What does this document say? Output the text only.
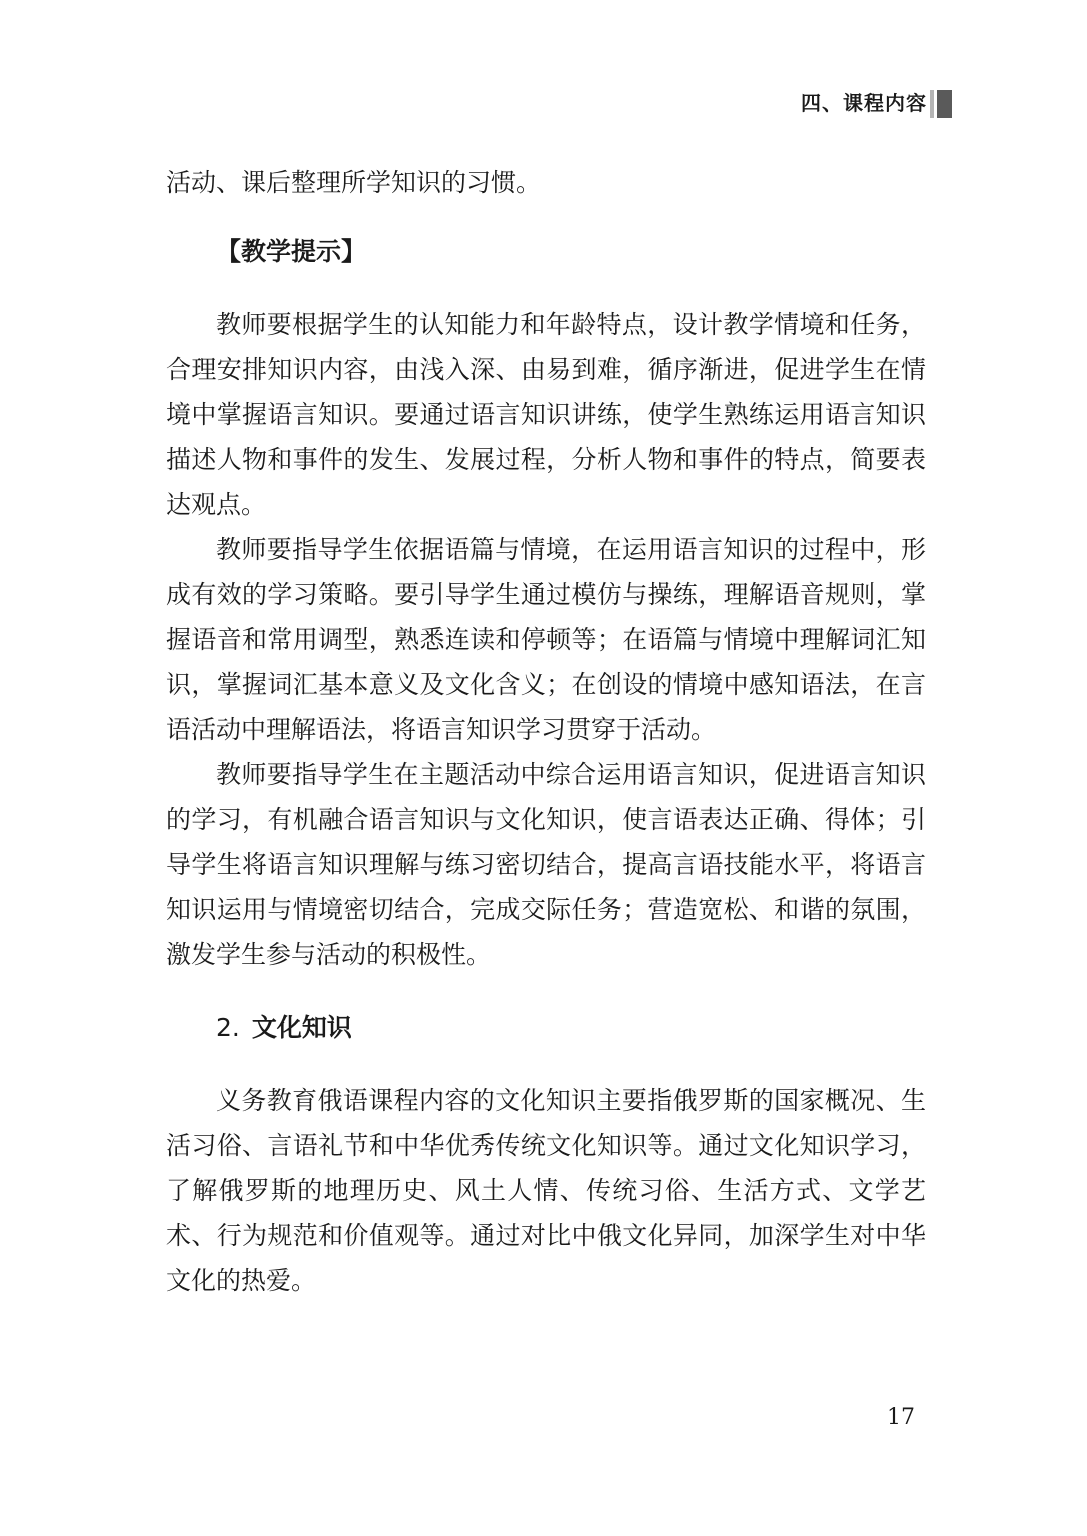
四、课程内容

活动、课后整理所学知识的习惯。

【教学提示】

教师要根据学生的认知能力和年龄特点，设计教学情境和任务，合理安排知识内容，由浅入深、由易到难，循序渐进，促进学生在情境中掌握语言知识。要通过语言知识讲练，使学生熟练运用语言知识描述人物和事件的发生、发展过程，分析人物和事件的特点，简要表达观点。

教师要指导学生依据语篇与情境，在运用语言知识的过程中，形成有效的学习策略。要引导学生通过模仿与操练，理解语音规则，掌握语音和常用调型，熟悉连读和停顿等；在语篇与情境中理解词汇知识，掌握词汇基本意义及文化含义；在创设的情境中感知语法，在言语活动中理解语法，将语言知识学习贯穿于活动。

教师要指导学生在主题活动中综合运用语言知识，促进语言知识的学习，有机融合语言知识与文化知识，使言语表达正确、得体；引导学生将语言知识理解与练习密切结合，提高言语技能水平，将语言知识运用与情境密切结合，完成交际任务；营造宽松、和谐的氛围，激发学生参与活动的积极性。

2. 文化知识

义务教育俄语课程内容的文化知识主要指俄罗斯的国家概况、生活习俗、言语礼节和中华优秀传统文化知识等。通过文化知识学习，了解俄罗斯的地理历史、风土人情、传统习俗、生活方式、文学艺术、行为规范和价值观等。通过对比中俄文化异同，加深学生对中华文化的热爱。

17
